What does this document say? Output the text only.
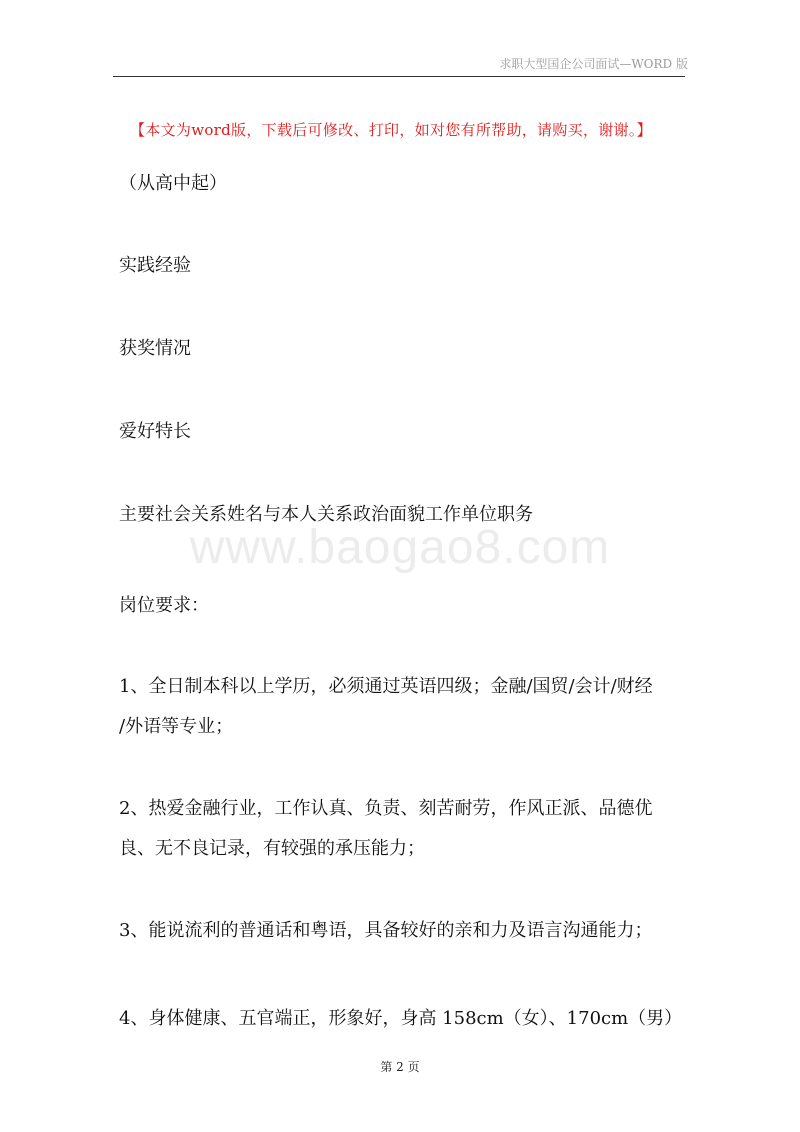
求职大型国企公司面试—WORD 版
【本文为word版，下载后可修改、打印，如对您有所帮助，请购买，谢谢。】
www.baogao8.com
（从高中起）
实践经验
获奖情况
爱好特长
主要社会关系姓名与本人关系政治面貌工作单位职务
岗位要求：
1、全日制本科以上学历，必须通过英语四级；金融/国贸/会计/财经
/外语等专业；
2、热爱金融行业，工作认真、负责、刻苦耐劳，作风正派、品德优
良、无不良记录，有较强的承压能力；
3、能说流利的普通话和粤语，具备较好的亲和力及语言沟通能力；
4、身体健康、五官端正，形象好，身高 158cm（女）、170cm（男）
第 2 页
